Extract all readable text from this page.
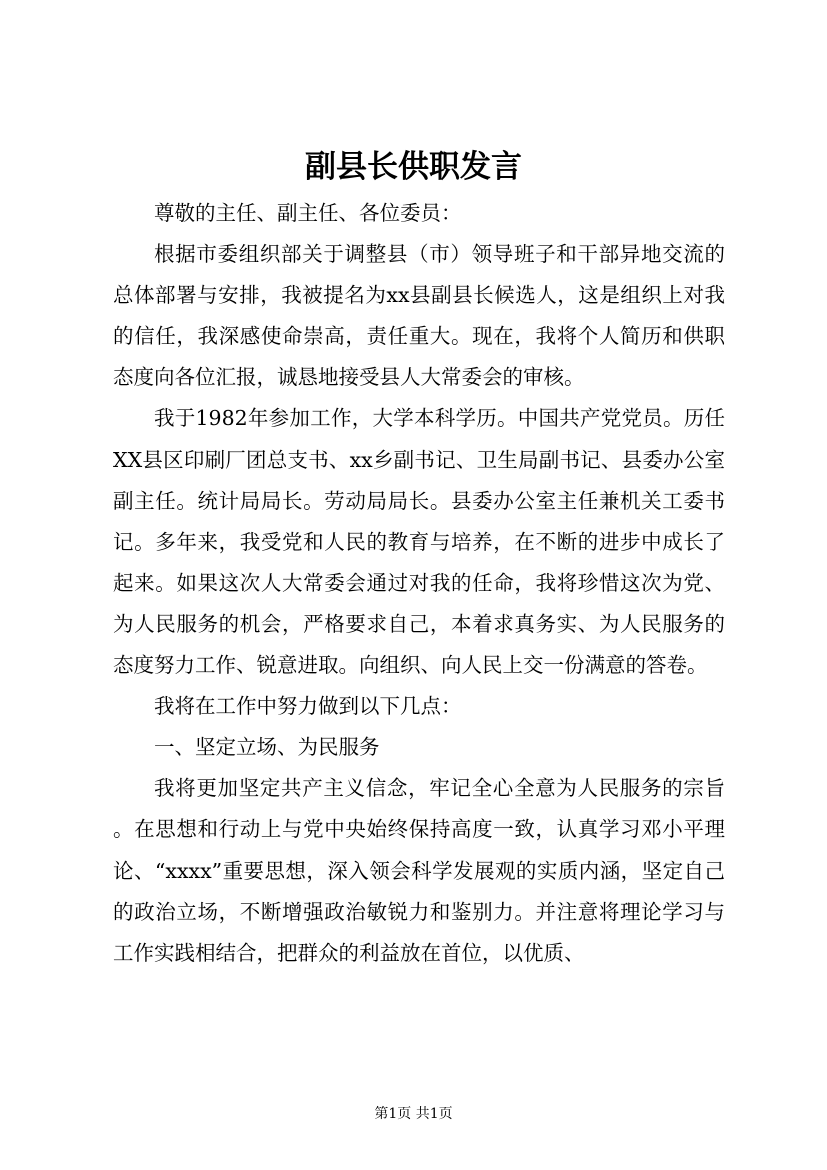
副县长供职发言

尊敬的主任、副主任、各位委员：

根据市委组织部关于调整县（市）领导班子和干部异地交流的总体部署与安排，我被提名为xx县副县长候选人，这是组织上对我的信任，我深感使命崇高，责任重大。现在，我将个人简历和供职态度向各位汇报，诚恳地接受县人大常委会的审核。

我于1982年参加工作，大学本科学历。中国共产党党员。历任XX县区印刷厂团总支书、xx乡副书记、卫生局副书记、县委办公室副主任。统计局局长。劳动局局长。县委办公室主任兼机关工委书记。多年来，我受党和人民的教育与培养，在不断的进步中成长了起来。如果这次人大常委会通过对我的任命，我将珍惜这次为党、为人民服务的机会，严格要求自己，本着求真务实、为人民服务的态度努力工作、锐意进取。向组织、向人民上交一份满意的答卷。

我将在工作中努力做到以下几点：

一、坚定立场、为民服务

我将更加坚定共产主义信念，牢记全心全意为人民服务的宗旨。在思想和行动上与党中央始终保持高度一致，认真学习邓小平理论、“xxxx”重要思想，深入领会科学发展观的实质内涵，坚定自己的政治立场，不断增强政治敏锐力和鉴别力。并注意将理论学习与工作实践相结合，把群众的利益放在首位，以优质、

第1页 共1页
